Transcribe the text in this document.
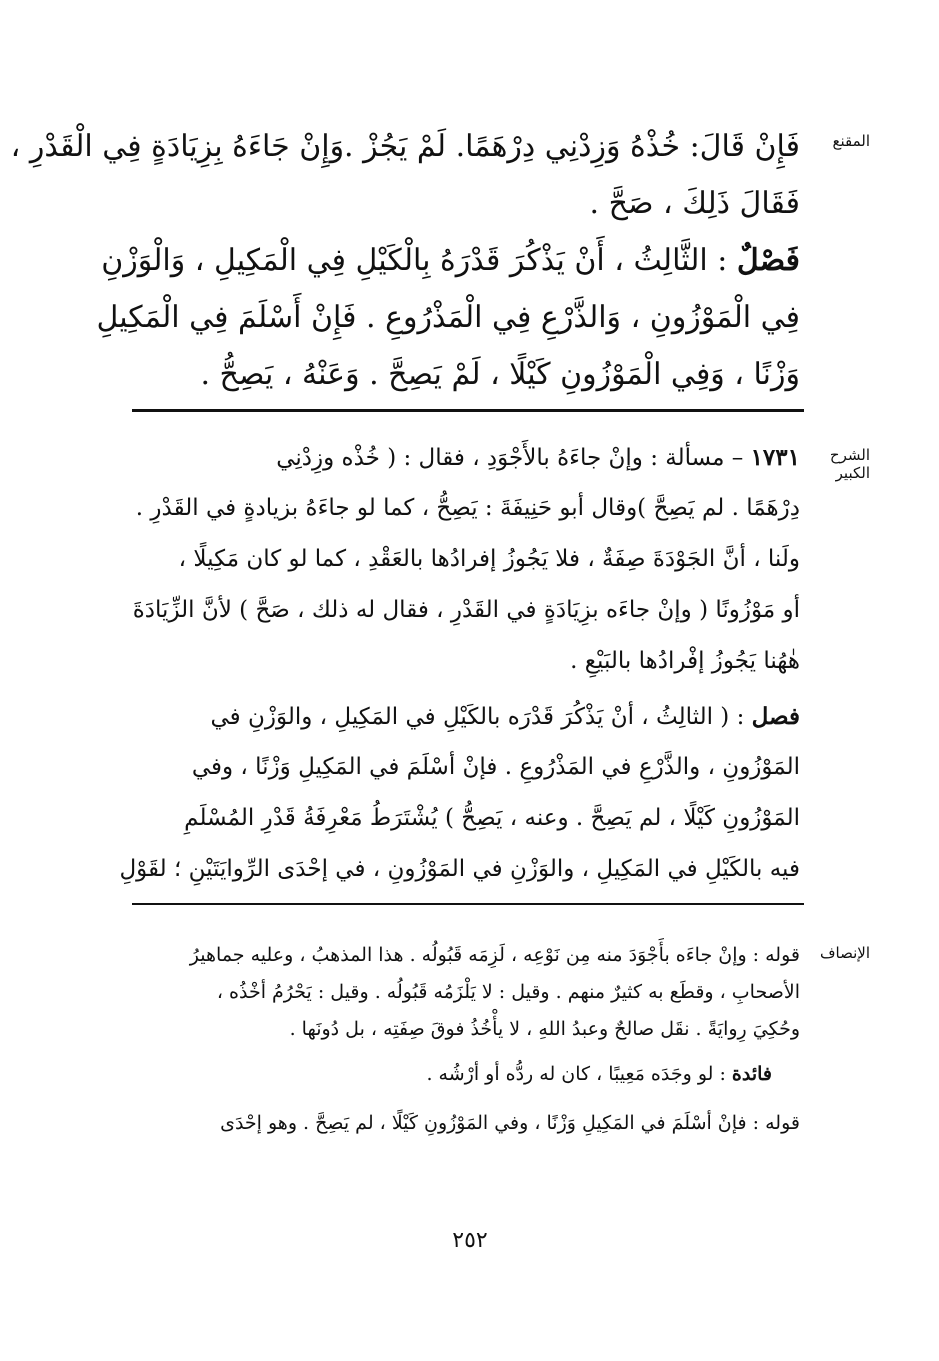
المقنع
فَإِنْ قَالَ: خُذْهُ وَزِدْنِي دِرْهَمًا. لَمْ يَجُزْ .وَإِنْ جَاءَهُ بِزِيَادَةٍ فِي الْقَدْرِ ،
فَقَالَ ذَلِكَ ، صَحَّ .
فَصْلٌ : الثَّالِثُ ، أَنْ يَذْكُرَ قَدْرَهُ بِالْكَيْلِ فِي الْمَكِيلِ ، وَالْوَزْنِ
فِي الْمَوْزُونِ ، وَالذَّرْعِ فِي الْمَذْرُوعِ . فَإِنْ أَسْلَمَ فِي الْمَكِيلِ
وَزْنًا ، وَفِي الْمَوْزُونِ كَيْلًا ، لَمْ يَصِحَّ . وَعَنْهُ ، يَصِحُّ .
الشرح الكبير
١٧٣١ – مسألة : وإنْ جاءَهُ بالأَجْوَدِ ، فقال : ( خُذْه وزِدْنِي
دِرْهَمًا . لم يَصِحَّ )وقال أبو حَنِيفَةَ : يَصِحُّ ، كما لو جاءَهُ بزيادةٍ في القَدْرِ .
ولَنا ، أنَّ الجَوْدَةَ صِفَةٌ ، فلا يَجُوزُ إفرادُها بالعَقْدِ ، كما لو كان مَكِيلًا ،
أو مَوْزُونًا ( وإنْ جاءَه بزِيَادَةٍ في القَدْرِ ، فقال له ذلك ، صَحَّ ) لأنَّ الزِّيَادَةَ
هٰهُنا يَجُوزُ إفْرادُها بالبَيْعِ .
فصل : ( الثالِثُ ، أنْ يَذْكُرَ قَدْرَه بالكَيْلِ في المَكِيلِ ، والوَزْنِ في
المَوْزُونِ ، والذَّرْعِ في المَذْرُوعِ . فإنْ أسْلَمَ في المَكِيلِ وَزْنًا ، وفي
المَوْزُونِ كَيْلًا ، لم يَصِحَّ . وعنه ، يَصِحُّ ) يُشْتَرَطُ مَعْرِفَةُ قَدْرِ المُسْلَمِ
فيه بالكَيْلِ في المَكِيلِ ، والوَزْنِ في المَوْزُونِ ، في إحْدَى الرِّوايَتَيْنِ ؛ لقَوْلِ
الإنصاف
قوله : وإنْ جاءَه بأَجْوَدَ منه مِن نَوْعِه ، لَزِمَه قَبُولُه . هذا المذهبُ ، وعليه جماهيرُ
الأصحابِ ، وقطَع به كثيرٌ منهم . وقيل : لا يَلْزَمُه قَبُولُه . وقيل : يَحْرُمُ أخْذُه ،
وحُكِيَ رِوايَةً . نقَل صالحٌ وعبدُ اللهِ ، لا يأْخُذُ فوقَ صِفَتِه ، بل دُونَها .
فائدة : لو وجَدَه مَعِيبًا ، كان له ردُّه أو أرْشُه .
قوله : فإنْ أسْلَمَ في المَكِيلِ وَزْنًا ، وفي المَوْزُونِ كَيْلًا ، لم يَصِحَّ . وهو إحْدَى
٢٥٢
